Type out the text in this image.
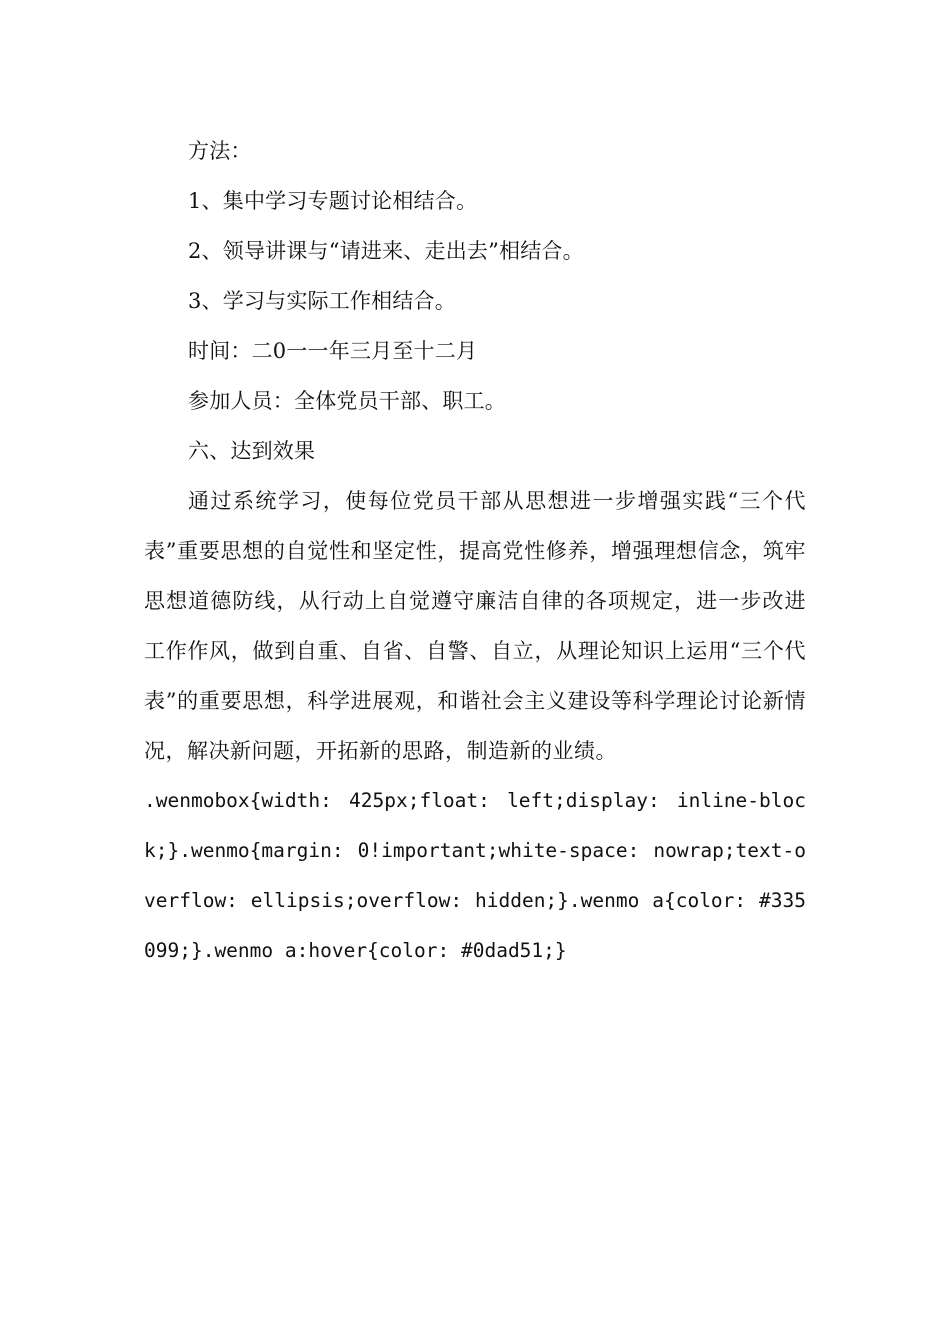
方法：

1、集中学习专题讨论相结合。

2、领导讲课与“请进来、走出去”相结合。

3、学习与实际工作相结合。

时间：二0一一年三月至十二月

参加人员：全体党员干部、职工。

六、达到效果

通过系统学习，使每位党员干部从思想进一步增强实践“三个代表”重要思想的自觉性和坚定性，提高党性修养，增强理想信念，筑牢思想道德防线，从行动上自觉遵守廉洁自律的各项规定，进一步改进工作作风，做到自重、自省、自警、自立，从理论知识上运用“三个代表”的重要思想，科学进展观，和谐社会主义建设等科学理论讨论新情况，解决新问题，开拓新的思路，制造新的业绩。

.wenmobox{width: 425px;float: left;display: inline-block;}.wenmo{margin: 0!important;white-space: nowrap;text-overflow: ellipsis;overflow: hidden;}.wenmo a{color: #335099;}.wenmo a:hover{color: #0dad51;}
